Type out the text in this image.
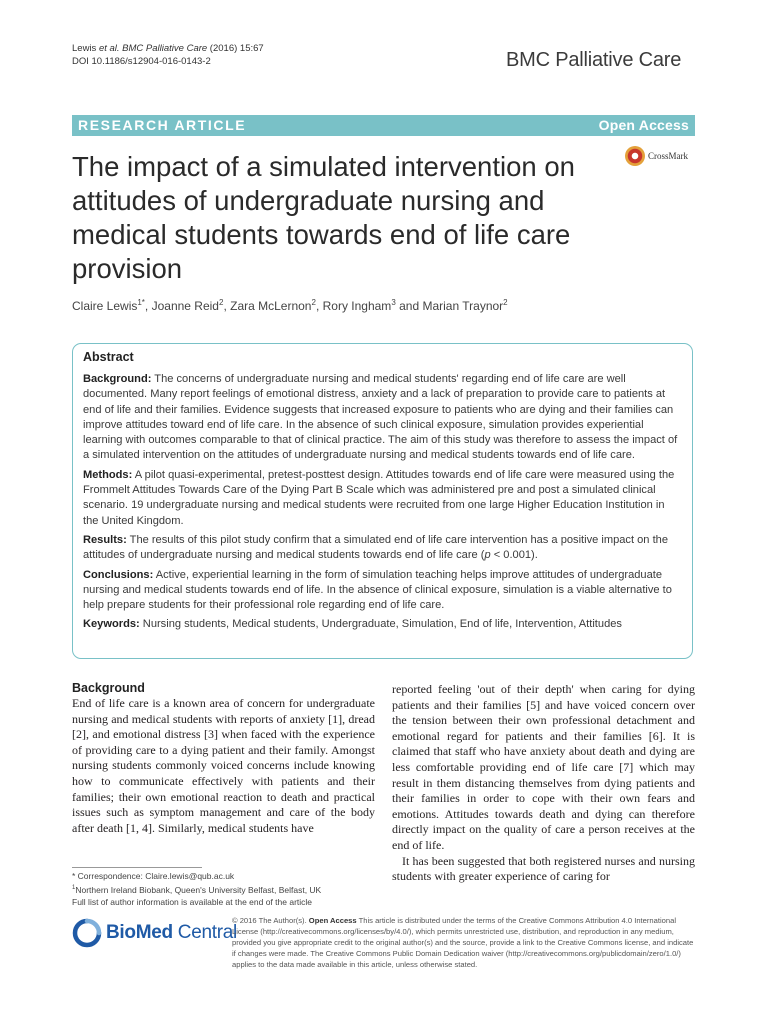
Lewis et al. BMC Palliative Care (2016) 15:67
DOI 10.1186/s12904-016-0143-2	BMC Palliative Care
RESEARCH ARTICLE	Open Access
The impact of a simulated intervention on
attitudes of undergraduate nursing and
medical students towards end of life care
provision
CrossMark
Claire Lewis$^{1*}$, Joanne Reid$^2$, Zara McLernon$^2$, Rory Ingham$^3$ and Marian Traynor$^2$

Abstract

Background: The concerns of undergraduate nursing and medical students' regarding end of life care are well documented. Many report feelings of emotional distress, anxiety and a lack of preparation to provide care to patients at end of life and their families. Evidence suggests that increased exposure to patients who are dying and their families can improve attitudes toward end of life care. In the absence of such clinical exposure, simulation provides experiential learning with outcomes comparable to that of clinical practice. The aim of this study was therefore to assess the impact of a simulated intervention on the attitudes of undergraduate nursing and medical students towards end of life care.

Methods: A pilot quasi-experimental, pretest-posttest design. Attitudes towards end of life care were measured using the Frommelt Attitudes Towards Care of the Dying Part B Scale which was administered pre and post a simulated clinical scenario. 19 undergraduate nursing and medical students were recruited from one large Higher Education Institution in the United Kingdom.

Results: The results of this pilot study confirm that a simulated end of life care intervention has a positive impact on the attitudes of undergraduate nursing and medical students towards end of life care (p < 0.001).

Conclusions: Active, experiential learning in the form of simulation teaching helps improve attitudes of undergraduate nursing and medical students towards end of life. In the absence of clinical exposure, simulation is a viable alternative to help prepare students for their professional role regarding end of life care.

Keywords: Nursing students, Medical students, Undergraduate, Simulation, End of life, Intervention, Attitudes

Background

End of life care is a known area of concern for undergraduate nursing and medical students with reports of anxiety [1], dread [2], and emotional distress [3] when faced with the experience of providing care to a dying patient and their family. Amongst nursing students commonly voiced concerns include knowing how to communicate effectively with patients and their families; their own emotional reaction to death and practical issues such as symptom management and care of the body after death [1, 4]. Similarly, medical students have

reported feeling 'out of their depth' when caring for dying patients and their families [5] and have voiced concern over the tension between their own professional detachment and emotional regard for patients and their families [6]. It is claimed that staff who have anxiety about death and dying are less comfortable providing end of life care [7] which may result in them distancing themselves from dying patients and their families in order to cope with their own fears and emotions. Attitudes towards death and dying can therefore directly impact on the quality of care a person receives at the end of life.

It has been suggested that both registered nurses and nursing students with greater experience of caring for

* Correspondence: Claire.lewis@qub.ac.uk
$^1$Northern Ireland Biobank, Queen's University Belfast, Belfast, UK
Full list of author information is available at the end of the article
BioMed Central
© 2016 The Author(s). Open Access This article is distributed under the terms of the Creative Commons Attribution 4.0 International License (http://creativecommons.org/licenses/by/4.0/), which permits unrestricted use, distribution, and reproduction in any medium, provided you give appropriate credit to the original author(s) and the source, provide a link to the Creative Commons license, and indicate if changes were made. The Creative Commons Public Domain Dedication waiver (http://creativecommons.org/publicdomain/zero/1.0/) applies to the data made available in this article, unless otherwise stated.
